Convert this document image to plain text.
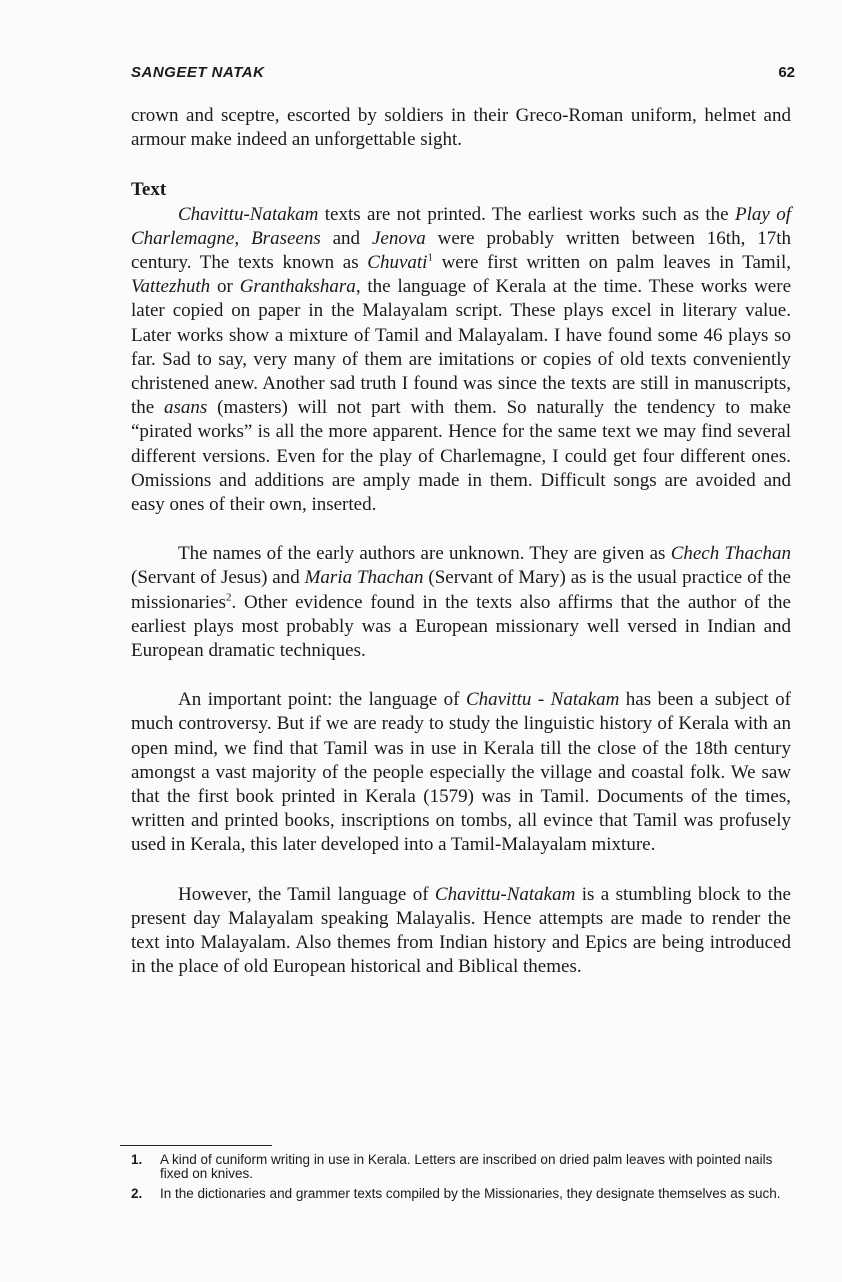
SANGEET NATAK	62

crown and sceptre, escorted by soldiers in their Greco-Roman uniform, helmet and armour make indeed an unforgettable sight.

Text

Chavittu-Natakam texts are not printed. The earliest works such as the Play of Charlemagne, Braseens and Jenova were probably written between 16th, 17th century. The texts known as Chuvati$^1$ were first written on palm leaves in Tamil, Vattezhuth or Granthakshara, the language of Kerala at the time. These works were later copied on paper in the Malayalam script. These plays excel in literary value. Later works show a mixture of Tamil and Malayalam. I have found some 46 plays so far. Sad to say, very many of them are imitations or copies of old texts conveniently christened anew. Another sad truth I found was since the texts are still in manuscripts, the asans (masters) will not part with them. So naturally the tendency to make “pirated works” is all the more apparent. Hence for the same text we may find several different versions. Even for the play of Charlemagne, I could get four different ones. Omissions and additions are amply made in them. Difficult songs are avoided and easy ones of their own, inserted.

The names of the early authors are unknown. They are given as Chech Thachan (Servant of Jesus) and Maria Thachan (Servant of Mary) as is the usual practice of the missionaries$^2$. Other evidence found in the texts also affirms that the author of the earliest plays most probably was a European missionary well versed in Indian and European dramatic techniques.

An important point: the language of Chavittu - Natakam has been a subject of much controversy. But if we are ready to study the linguistic history of Kerala with an open mind, we find that Tamil was in use in Kerala till the close of the 18th century amongst a vast majority of the people especially the village and coastal folk. We saw that the first book printed in Kerala (1579) was in Tamil. Documents of the times, written and printed books, inscriptions on tombs, all evince that Tamil was profusely used in Kerala, this later developed into a Tamil-Malayalam mixture.

However, the Tamil language of Chavittu-Natakam is a stumbling block to the present day Malayalam speaking Malayalis. Hence attempts are made to render the text into Malayalam. Also themes from Indian history and Epics are being introduced in the place of old European historical and Biblical themes.

1.	A kind of cuniform writing in use in Kerala. Letters are inscribed on dried palm leaves with pointed nails fixed on knives.
2.	In the dictionaries and grammer texts compiled by the Missionaries, they designate themselves as such.
